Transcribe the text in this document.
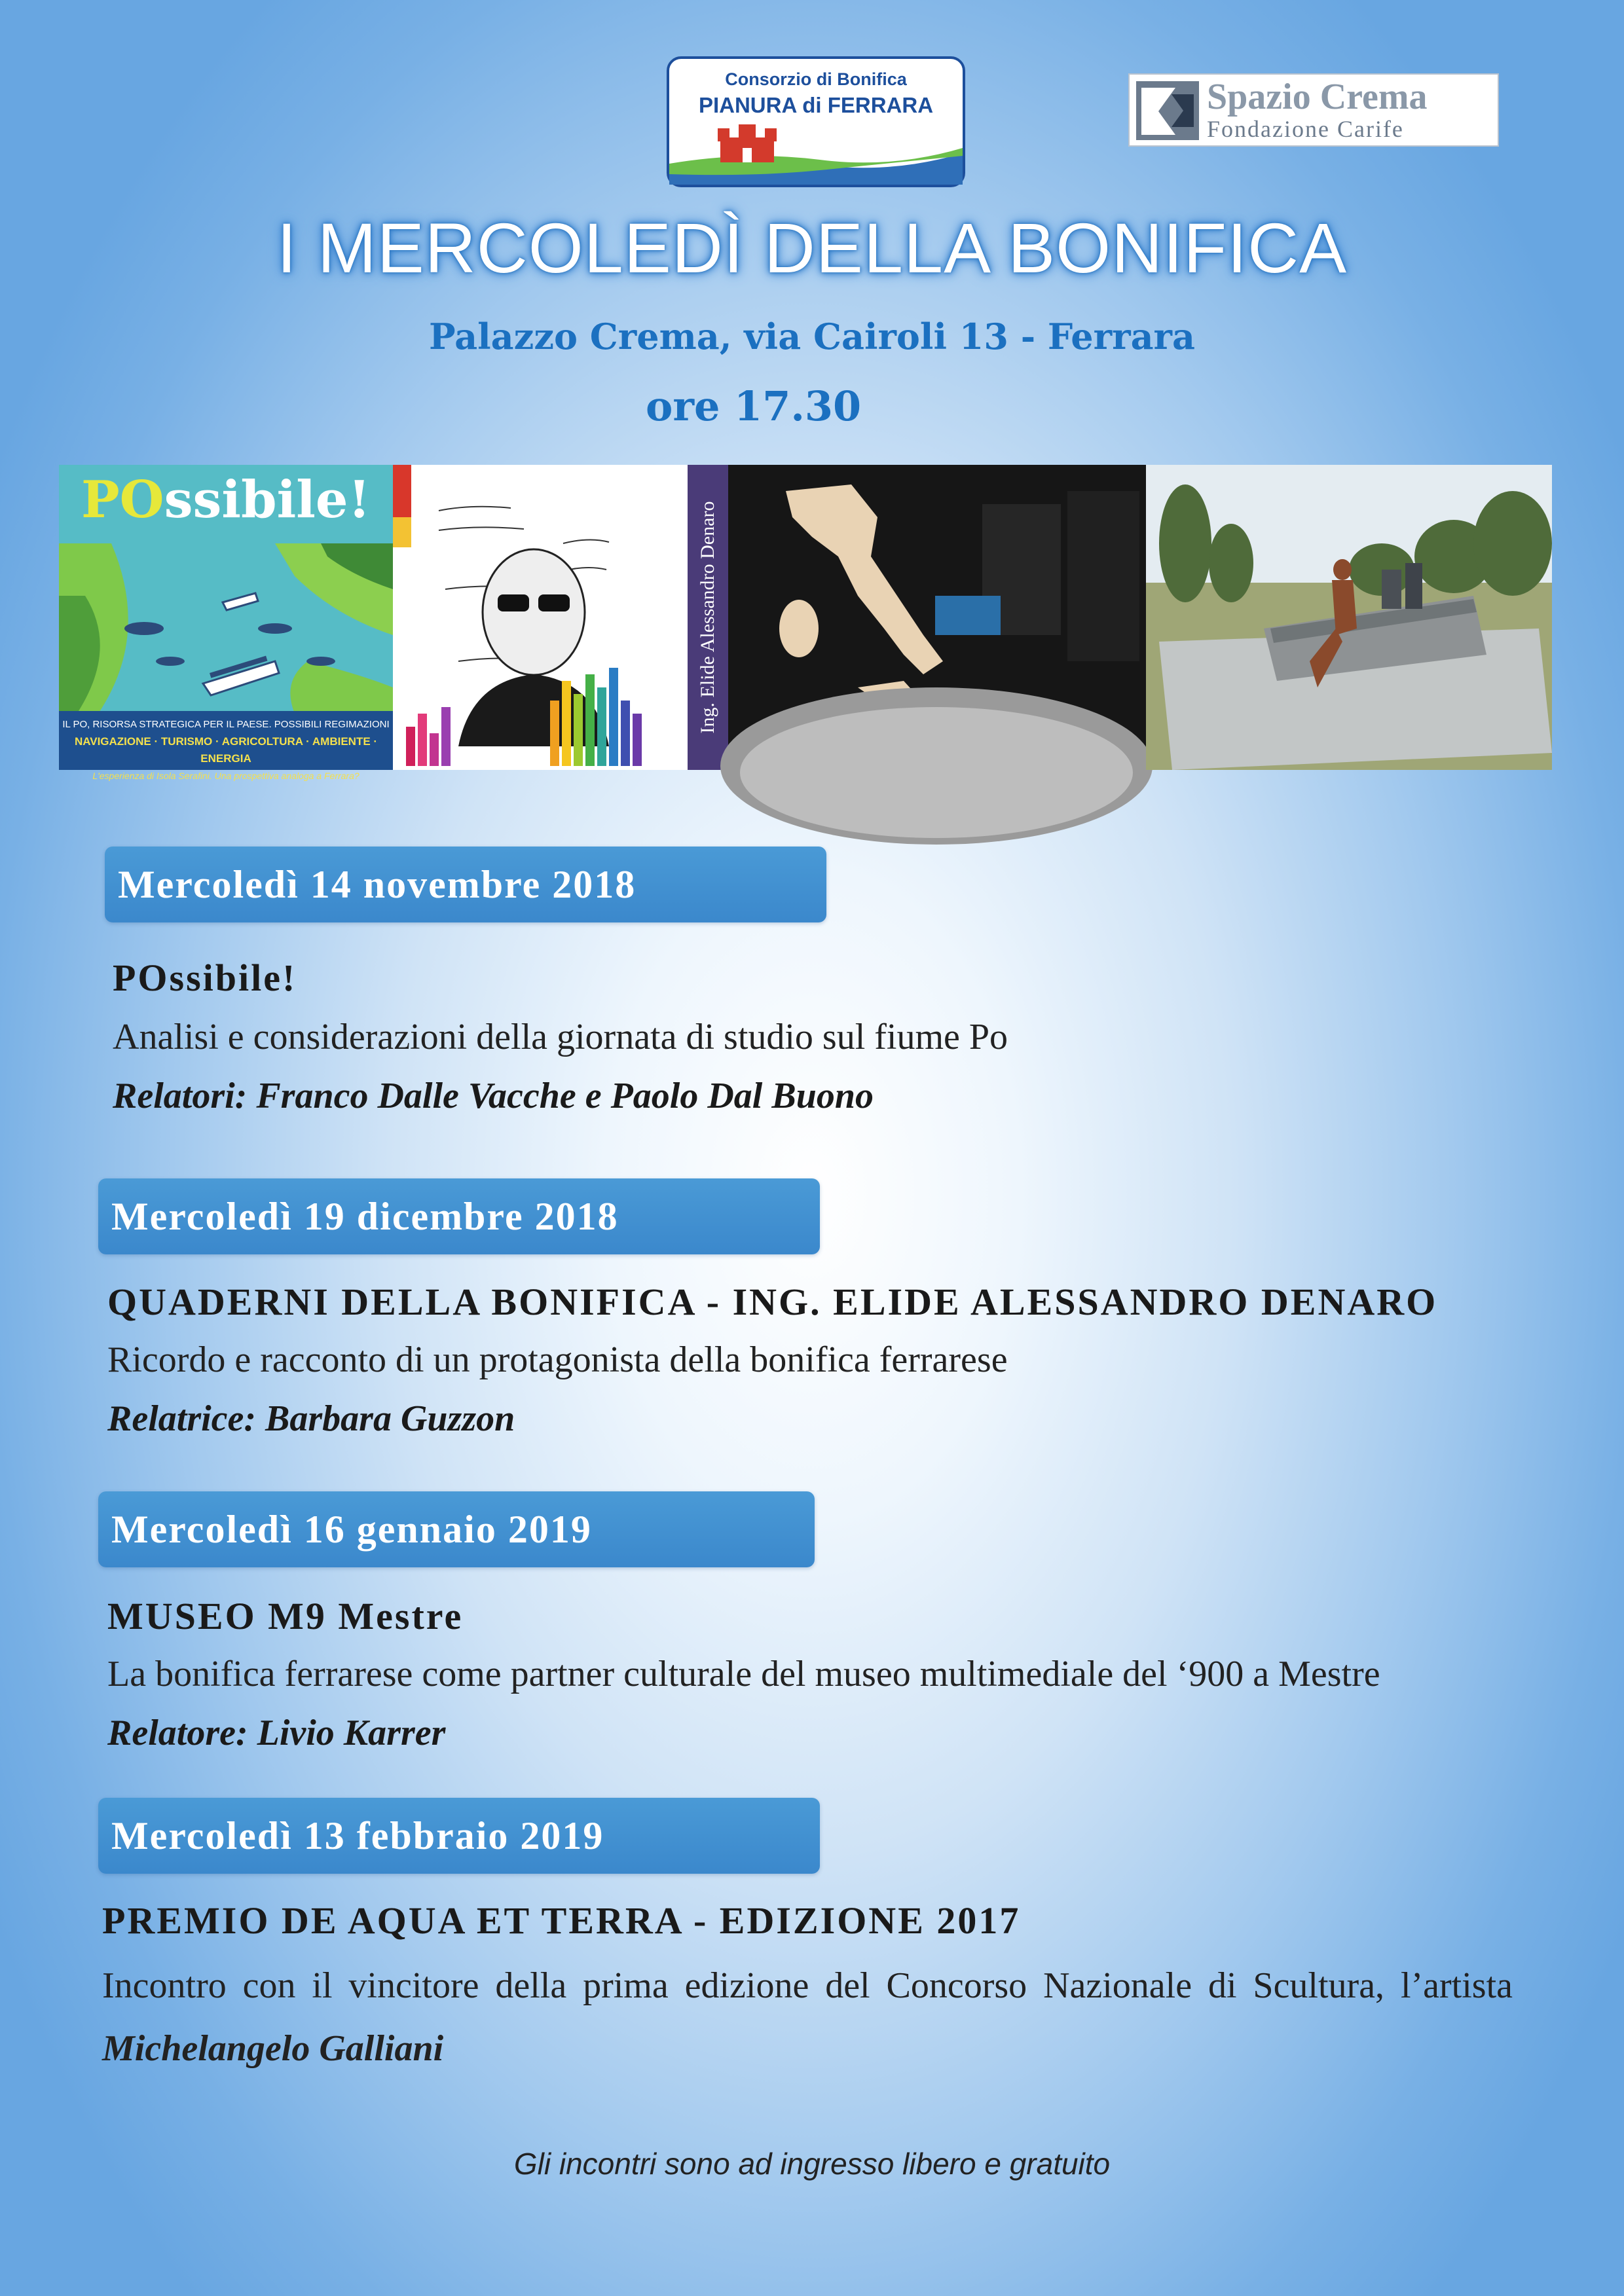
Consorzio di Bonifica
PIANURA di FERRARA	Spazio Crema
Fondazione Carife
I MERCOLEDÌ DELLA BONIFICA
Palazzo Crema, via Cairoli 13 - Ferrara
ore 17.30
POssibile!
IL PO, RISORSA STRATEGICA PER IL PAESE. POSSIBILI REGIMAZIONI
NAVIGAZIONE · TURISMO · AGRICOLTURA · AMBIENTE · ENERGIA
L'esperienza di Isola Serafini. Una prospettiva analoga a Ferrara?
Ing. Elide Alessandro Denaro
Mercoledì 14 novembre 2018
POssibile!
Analisi e considerazioni della giornata di studio sul fiume Po
Relatori: Franco Dalle Vacche e Paolo Dal Buono
Mercoledì 19 dicembre 2018
QUADERNI DELLA BONIFICA - ING. ELIDE ALESSANDRO DENARO
Ricordo e racconto di un protagonista della bonifica ferrarese
Relatrice: Barbara Guzzon
Mercoledì 16 gennaio 2019
MUSEO M9 Mestre
La bonifica ferrarese come partner culturale del museo multimediale del ‘900 a Mestre
Relatore: Livio Karrer
Mercoledì 13 febbraio 2019
PREMIO DE AQUA ET TERRA - EDIZIONE 2017
Incontro con il vincitore della prima edizione del Concorso Nazionale di Scultura, l’artista Michelangelo Galliani
Gli incontri sono ad ingresso libero e gratuito
